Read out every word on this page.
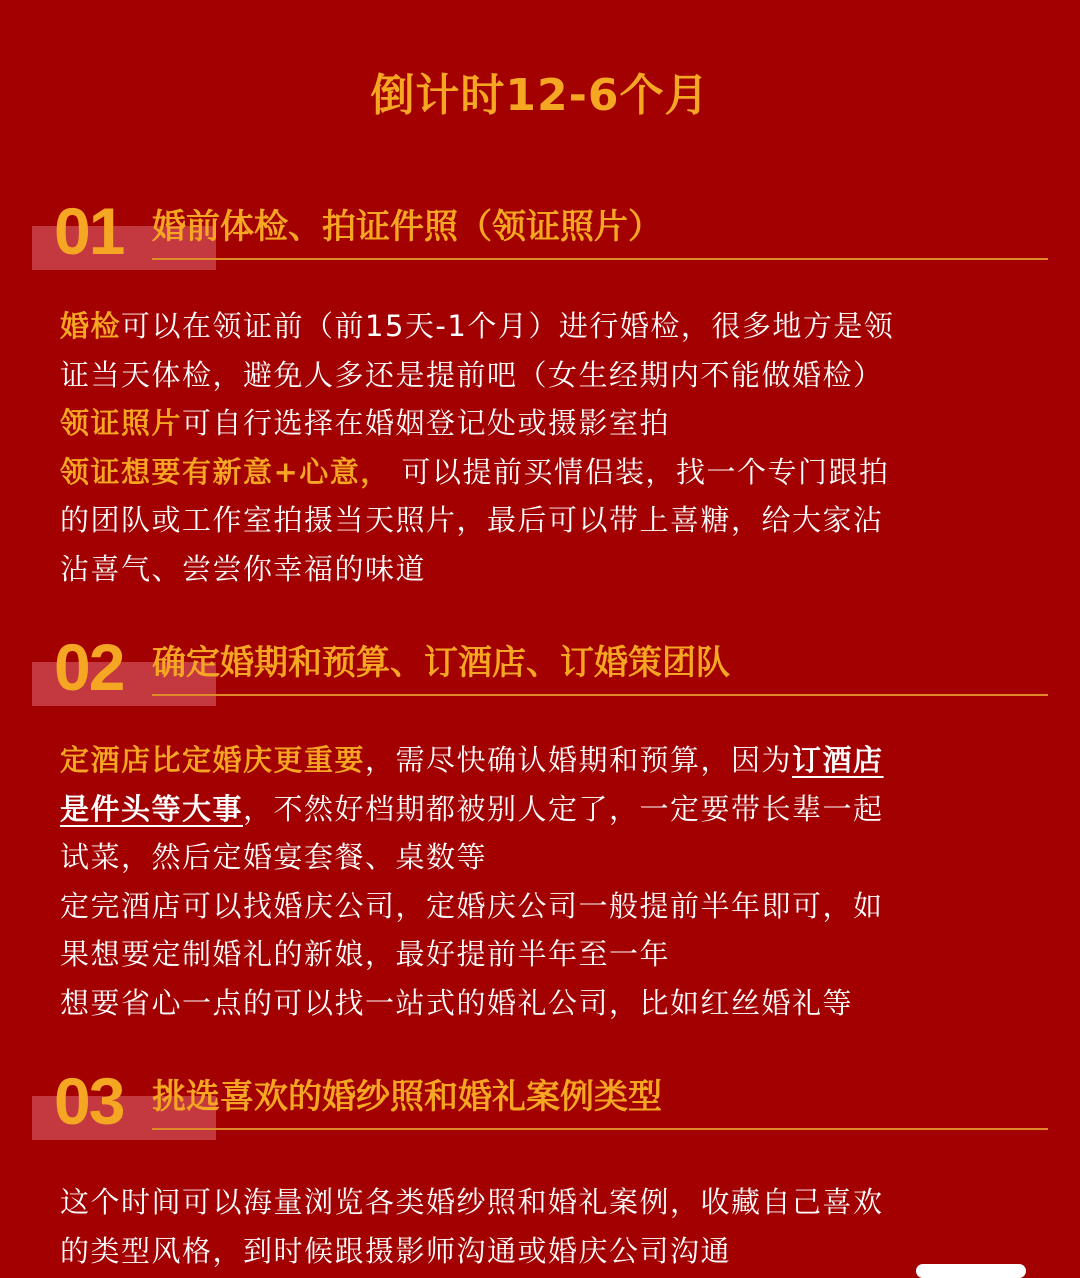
倒计时12-6个月
01 婚前体检、拍证件照（领证照片）
婚检可以在领证前（前15天-1个月）进行婚检，很多地方是领
证当天体检，避免人多还是提前吧（女生经期内不能做婚检）
领证照片可自行选择在婚姻登记处或摄影室拍
领证想要有新意+心意， 可以提前买情侣装，找一个专门跟拍
的团队或工作室拍摄当天照片，最后可以带上喜糖，给大家沾
沾喜气、尝尝你幸福的味道
02 确定婚期和预算、订酒店、订婚策团队
定酒店比定婚庆更重要，需尽快确认婚期和预算，因为订酒店
是件头等大事，不然好档期都被别人定了，一定要带长辈一起
试菜，然后定婚宴套餐、桌数等
定完酒店可以找婚庆公司，定婚庆公司一般提前半年即可，如
果想要定制婚礼的新娘，最好提前半年至一年
想要省心一点的可以找一站式的婚礼公司，比如红丝婚礼等
03 挑选喜欢的婚纱照和婚礼案例类型
这个时间可以海量浏览各类婚纱照和婚礼案例，收藏自己喜欢
的类型风格，到时候跟摄影师沟通或婚庆公司沟通
